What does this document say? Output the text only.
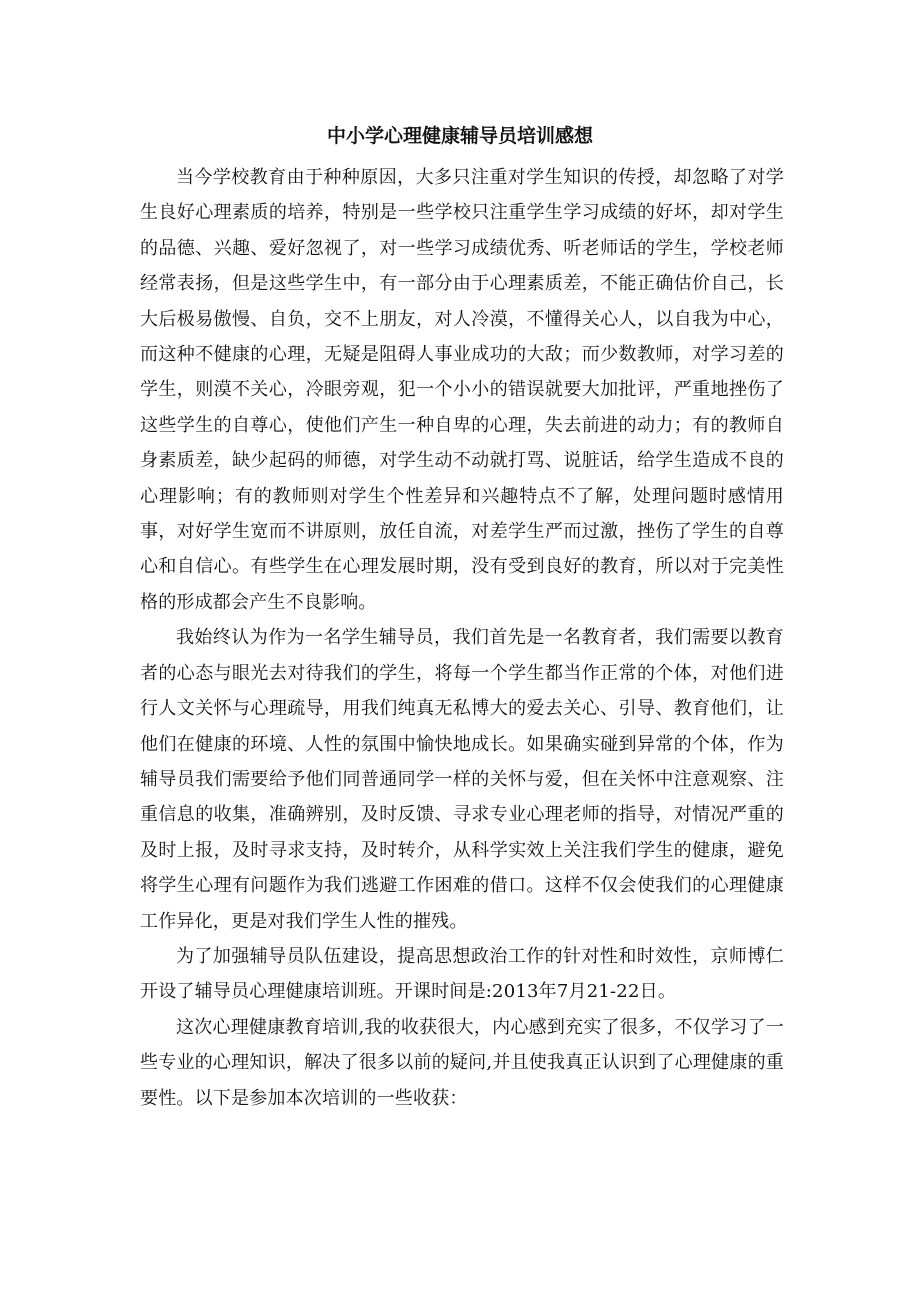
中小学心理健康辅导员培训感想

当今学校教育由于种种原因，大多只注重对学生知识的传授，却忽略了对学生良好心理素质的培养，特别是一些学校只注重学生学习成绩的好坏，却对学生的品德、兴趣、爱好忽视了，对一些学习成绩优秀、听老师话的学生，学校老师经常表扬，但是这些学生中，有一部分由于心理素质差，不能正确估价自己，长大后极易傲慢、自负，交不上朋友，对人冷漠，不懂得关心人，以自我为中心，而这种不健康的心理，无疑是阻碍人事业成功的大敌；而少数教师，对学习差的学生，则漠不关心，冷眼旁观，犯一个小小的错误就要大加批评，严重地挫伤了这些学生的自尊心，使他们产生一种自卑的心理，失去前进的动力；有的教师自身素质差，缺少起码的师德，对学生动不动就打骂、说脏话，给学生造成不良的心理影响；有的教师则对学生个性差异和兴趣特点不了解，处理问题时感情用事，对好学生宽而不讲原则，放任自流，对差学生严而过激，挫伤了学生的自尊心和自信心。有些学生在心理发展时期，没有受到良好的教育，所以对于完美性格的形成都会产生不良影响。

我始终认为作为一名学生辅导员，我们首先是一名教育者，我们需要以教育者的心态与眼光去对待我们的学生，将每一个学生都当作正常的个体，对他们进行人文关怀与心理疏导，用我们纯真无私博大的爱去关心、引导、教育他们，让他们在健康的环境、人性的氛围中愉快地成长。如果确实碰到异常的个体，作为辅导员我们需要给予他们同普通同学一样的关怀与爱，但在关怀中注意观察、注重信息的收集，准确辨别，及时反馈、寻求专业心理老师的指导，对情况严重的及时上报，及时寻求支持，及时转介，从科学实效上关注我们学生的健康，避免将学生心理有问题作为我们逃避工作困难的借口。这样不仅会使我们的心理健康工作异化，更是对我们学生人性的摧残。

为了加强辅导员队伍建设，提高思想政治工作的针对性和时效性，京师博仁开设了辅导员心理健康培训班。开课时间是:2013年7月21-22日。

这次心理健康教育培训,我的收获很大，内心感到充实了很多，不仅学习了一些专业的心理知识，解决了很多以前的疑问,并且使我真正认识到了心理健康的重要性。以下是参加本次培训的一些收获：
